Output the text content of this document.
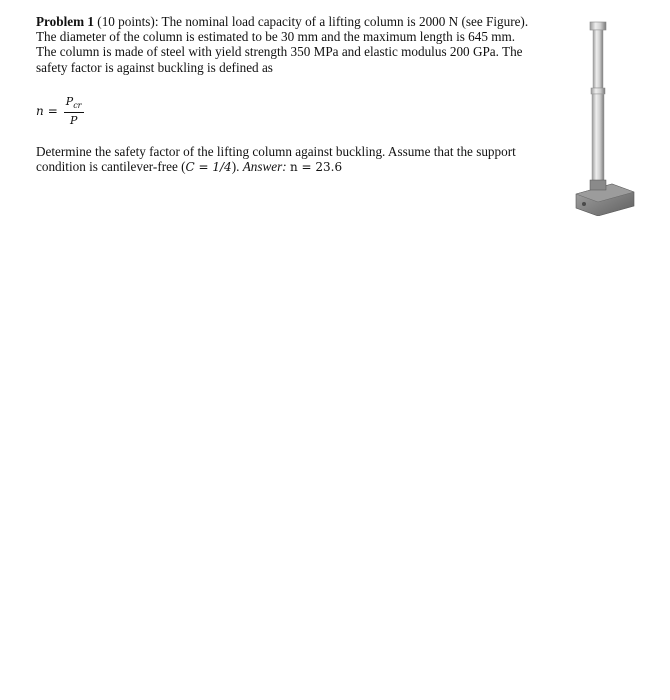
Problem 1 (10 points): The nominal load capacity of a lifting column is 2000 N (see Figure).

The diameter of the column is estimated to be 30 mm and the maximum length is 645 mm.

The column is made of steel with yield strength 350 MPa and elastic modulus 200 GPa. The

safety factor is against buckling is defined as

$n = \frac{P_{cr}}{P}$

Determine the safety factor of the lifting column against buckling. Assume that the support

condition is cantilever-free (C = 1/4). Answer: n = 23.6
